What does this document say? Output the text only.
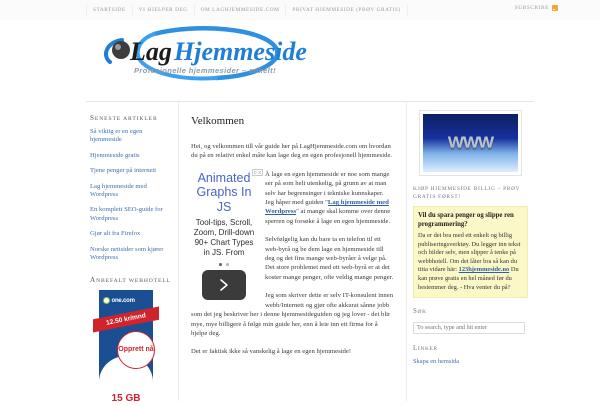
STARTSIDE	VI HJELPER DEG	OM LAGHJEMMESIDE.COM	PRIVAT HJEMMESIDE (PRØV GRATIS)	SUBSCRIBE
Lag Hjemmeside
Profesjonelle hjemmesider – enkelt!
SENESTE ARTIKLER
Så viktig er en egen hjemmeside
Hjemmeside gratis
Tjene penger på internett
Lag hjemmeside med Wordpress
En komplett SEO-guide for Wordpress
Gjør alt fra Firefox
Norske nettsider som kjører Wordpress
ANBEFALT WEBHOTELL
one.com
12.50 kr/mnd
Opprett nå
15 GB
Velkommen

Hei, og velkommen till vår guide her på LagHjemmeside.com om hvordan du på en relativt enkel måte kan lage deg en egen profesjonell hjemmeside.

D X
Animated Graphs In JS
Tool-tips, Scroll, Zoom, Drill-down 90+ Chart Types in JS. From

Å lage en egen hjemmeside er noe som mange ser på som helt utenkelig, på grunn av at man selv har begrensinger i tekniske kunnskaper. Jeg håper med guiden "Lag hjemmeside med Wordpress" at mange skal komme over denne sperren og forsøke å lage en egen hjemmeside.

Selvfølgelig kan du bare ta en telefon til ett web-byrå og be dem lage en hjemmeside till deg og det fins mange web-byråer å velge på. Det store problemet med ett web-byrå er at det koster mange penger, ofte veldig mange penger.

Jeg som skriver dette er selv IT-konsulent innen webb/Internett og gjør ofte akkurat sånne jobb som det jeg beskriver her i denne hjemmesideguiden og jeg lover - det blir mye, mye billigere å følge min guide her, enn å leie inn ett firma for å hjelpe deg.

Det er faktisk ikke så vanskelig å lage en egen hjemmeside!

WWW
KJØP HJEMMESIDE BILLIG – PRØV GRATIS FØRST!
Vil du spara penger og slippe ren programmering?

Da er det bra med ett enkelt og billig publiseringsverktøy. Du legger inn tekst och bilder selv, men slipper å tenke på webbhotell. Om det låter bra så kan du titta vidare här: 123hjemmeside.no Du kan prøve gratis en hel måned før du bestemmer deg. - Hva venter du på?

SØK
To search, type and hit enter
LINKER
Skapa en hemsida
